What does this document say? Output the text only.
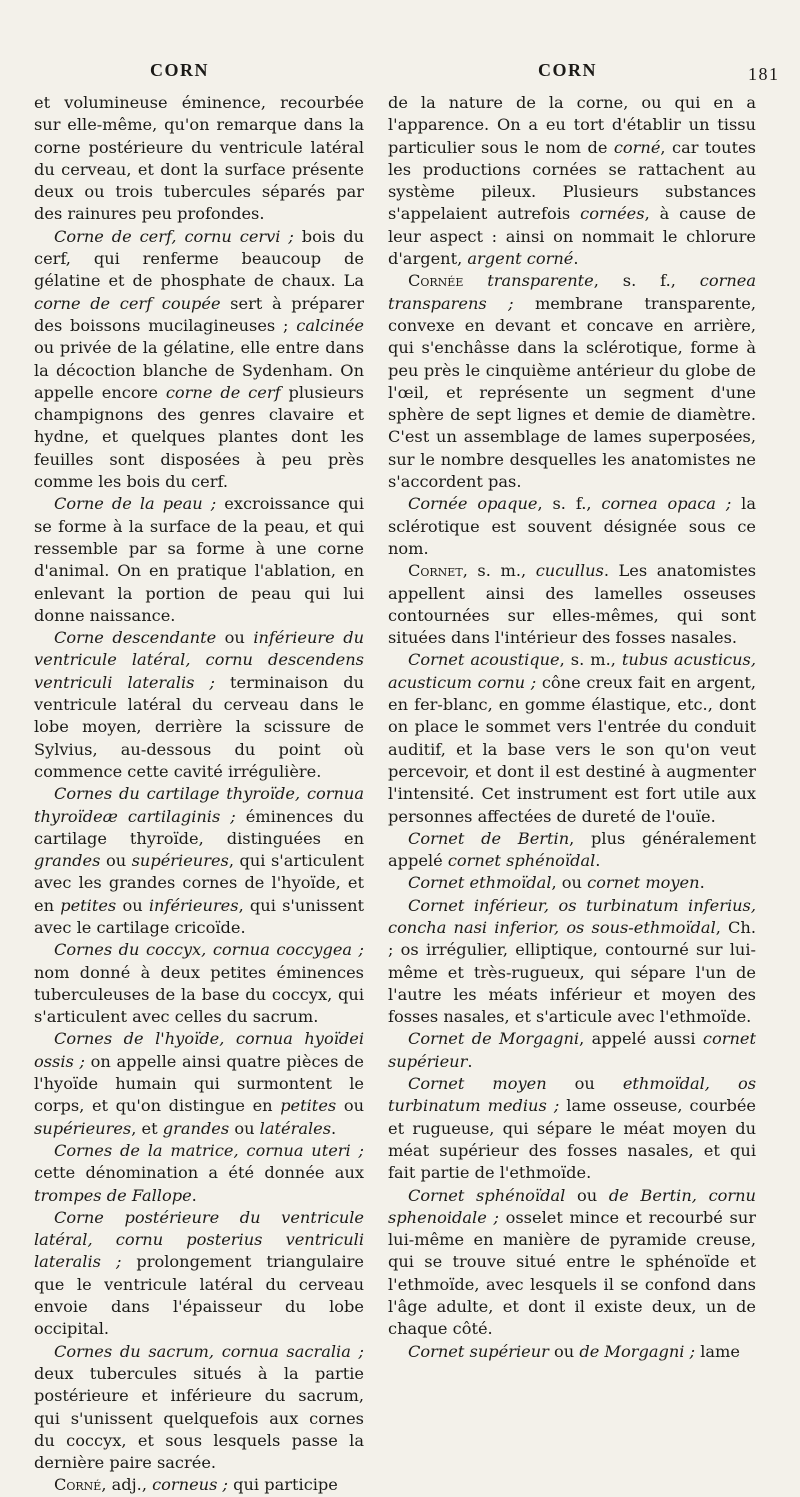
CORN	CORN	181

et volumineuse éminence, recourbée sur elle-même, qu'on remarque dans la corne postérieure du ventricule latéral du cerveau, et dont la surface présente deux ou trois tubercules séparés par des rainures peu profondes.

Corne de cerf, cornu cervi ; bois du cerf, qui renferme beaucoup de gélatine et de phosphate de chaux. La corne de cerf coupée sert à préparer des boissons mucilagineuses ; calcinée ou privée de la gélatine, elle entre dans la décoction blanche de Sydenham. On appelle encore corne de cerf plusieurs champignons des genres clavaire et hydne, et quelques plantes dont les feuilles sont disposées à peu près comme les bois du cerf.

Corne de la peau ; excroissance qui se forme à la surface de la peau, et qui ressemble par sa forme à une corne d'animal. On en pratique l'ablation, en enlevant la portion de peau qui lui donne naissance.

Corne descendante ou inférieure du ventricule latéral, cornu descendens ventriculi lateralis ; terminaison du ventricule latéral du cerveau dans le lobe moyen, derrière la scissure de Sylvius, au-dessous du point où commence cette cavité irrégulière.

Cornes du cartilage thyroïde, cornua thyroïdeæ cartilaginis ; éminences du cartilage thyroïde, distinguées en grandes ou supérieures, qui s'articulent avec les grandes cornes de l'hyoïde, et en petites ou inférieures, qui s'unissent avec le cartilage cricoïde.

Cornes du coccyx, cornua coccygea ; nom donné à deux petites éminences tuberculeuses de la base du coccyx, qui s'articulent avec celles du sacrum.

Cornes de l'hyoïde, cornua hyoïdei ossis ; on appelle ainsi quatre pièces de l'hyoïde humain qui surmontent le corps, et qu'on distingue en petites ou supérieures, et grandes ou latérales.

Cornes de la matrice, cornua uteri ; cette dénomination a été donnée aux trompes de Fallope.

Corne postérieure du ventricule latéral, cornu posterius ventriculi lateralis ; prolongement triangulaire que le ventricule latéral du cerveau envoie dans l'épaisseur du lobe occipital.

Cornes du sacrum, cornua sacralia ; deux tubercules situés à la partie postérieure et inférieure du sacrum, qui s'unissent quelquefois aux cornes du coccyx, et sous lesquels passe la dernière paire sacrée.

Corné, adj., corneus ; qui participe

de la nature de la corne, ou qui en a l'apparence. On a eu tort d'établir un tissu particulier sous le nom de corné, car toutes les productions cornées se rattachent au système pileux. Plusieurs substances s'appelaient autrefois cornées, à cause de leur aspect : ainsi on nommait le chlorure d'argent, argent corné.

Cornée transparente, s. f., cornea transparens ; membrane transparente, convexe en devant et concave en arrière, qui s'enchâsse dans la sclérotique, forme à peu près le cinquième antérieur du globe de l'œil, et représente un segment d'une sphère de sept lignes et demie de diamètre. C'est un assemblage de lames superposées, sur le nombre desquelles les anatomistes ne s'accordent pas.

Cornée opaque, s. f., cornea opaca ; la sclérotique est souvent désignée sous ce nom.

Cornet, s. m., cucullus. Les anatomistes appellent ainsi des lamelles osseuses contournées sur elles-mêmes, qui sont situées dans l'intérieur des fosses nasales.

Cornet acoustique, s. m., tubus acusticus, acusticum cornu ; cône creux fait en argent, en fer-blanc, en gomme élastique, etc., dont on place le sommet vers l'entrée du conduit auditif, et la base vers le son qu'on veut percevoir, et dont il est destiné à augmenter l'intensité. Cet instrument est fort utile aux personnes affectées de dureté de l'ouïe.

Cornet de Bertin, plus généralement appelé cornet sphénoïdal.

Cornet ethmoïdal, ou cornet moyen.

Cornet inférieur, os turbinatum inferius, concha nasi inferior, os sous-ethmoïdal, Ch. ; os irrégulier, elliptique, contourné sur lui-même et très-rugueux, qui sépare l'un de l'autre les méats inférieur et moyen des fosses nasales, et s'articule avec l'ethmoïde.

Cornet de Morgagni, appelé aussi cornet supérieur.

Cornet moyen ou ethmoïdal, os turbinatum medius ; lame osseuse, courbée et rugueuse, qui sépare le méat moyen du méat supérieur des fosses nasales, et qui fait partie de l'ethmoïde.

Cornet sphénoïdal ou de Bertin, cornu sphenoidale ; osselet mince et recourbé sur lui-même en manière de pyramide creuse, qui se trouve situé entre le sphénoïde et l'ethmoïde, avec lesquels il se confond dans l'âge adulte, et dont il existe deux, un de chaque côté.

Cornet supérieur ou de Morgagni ; lame
